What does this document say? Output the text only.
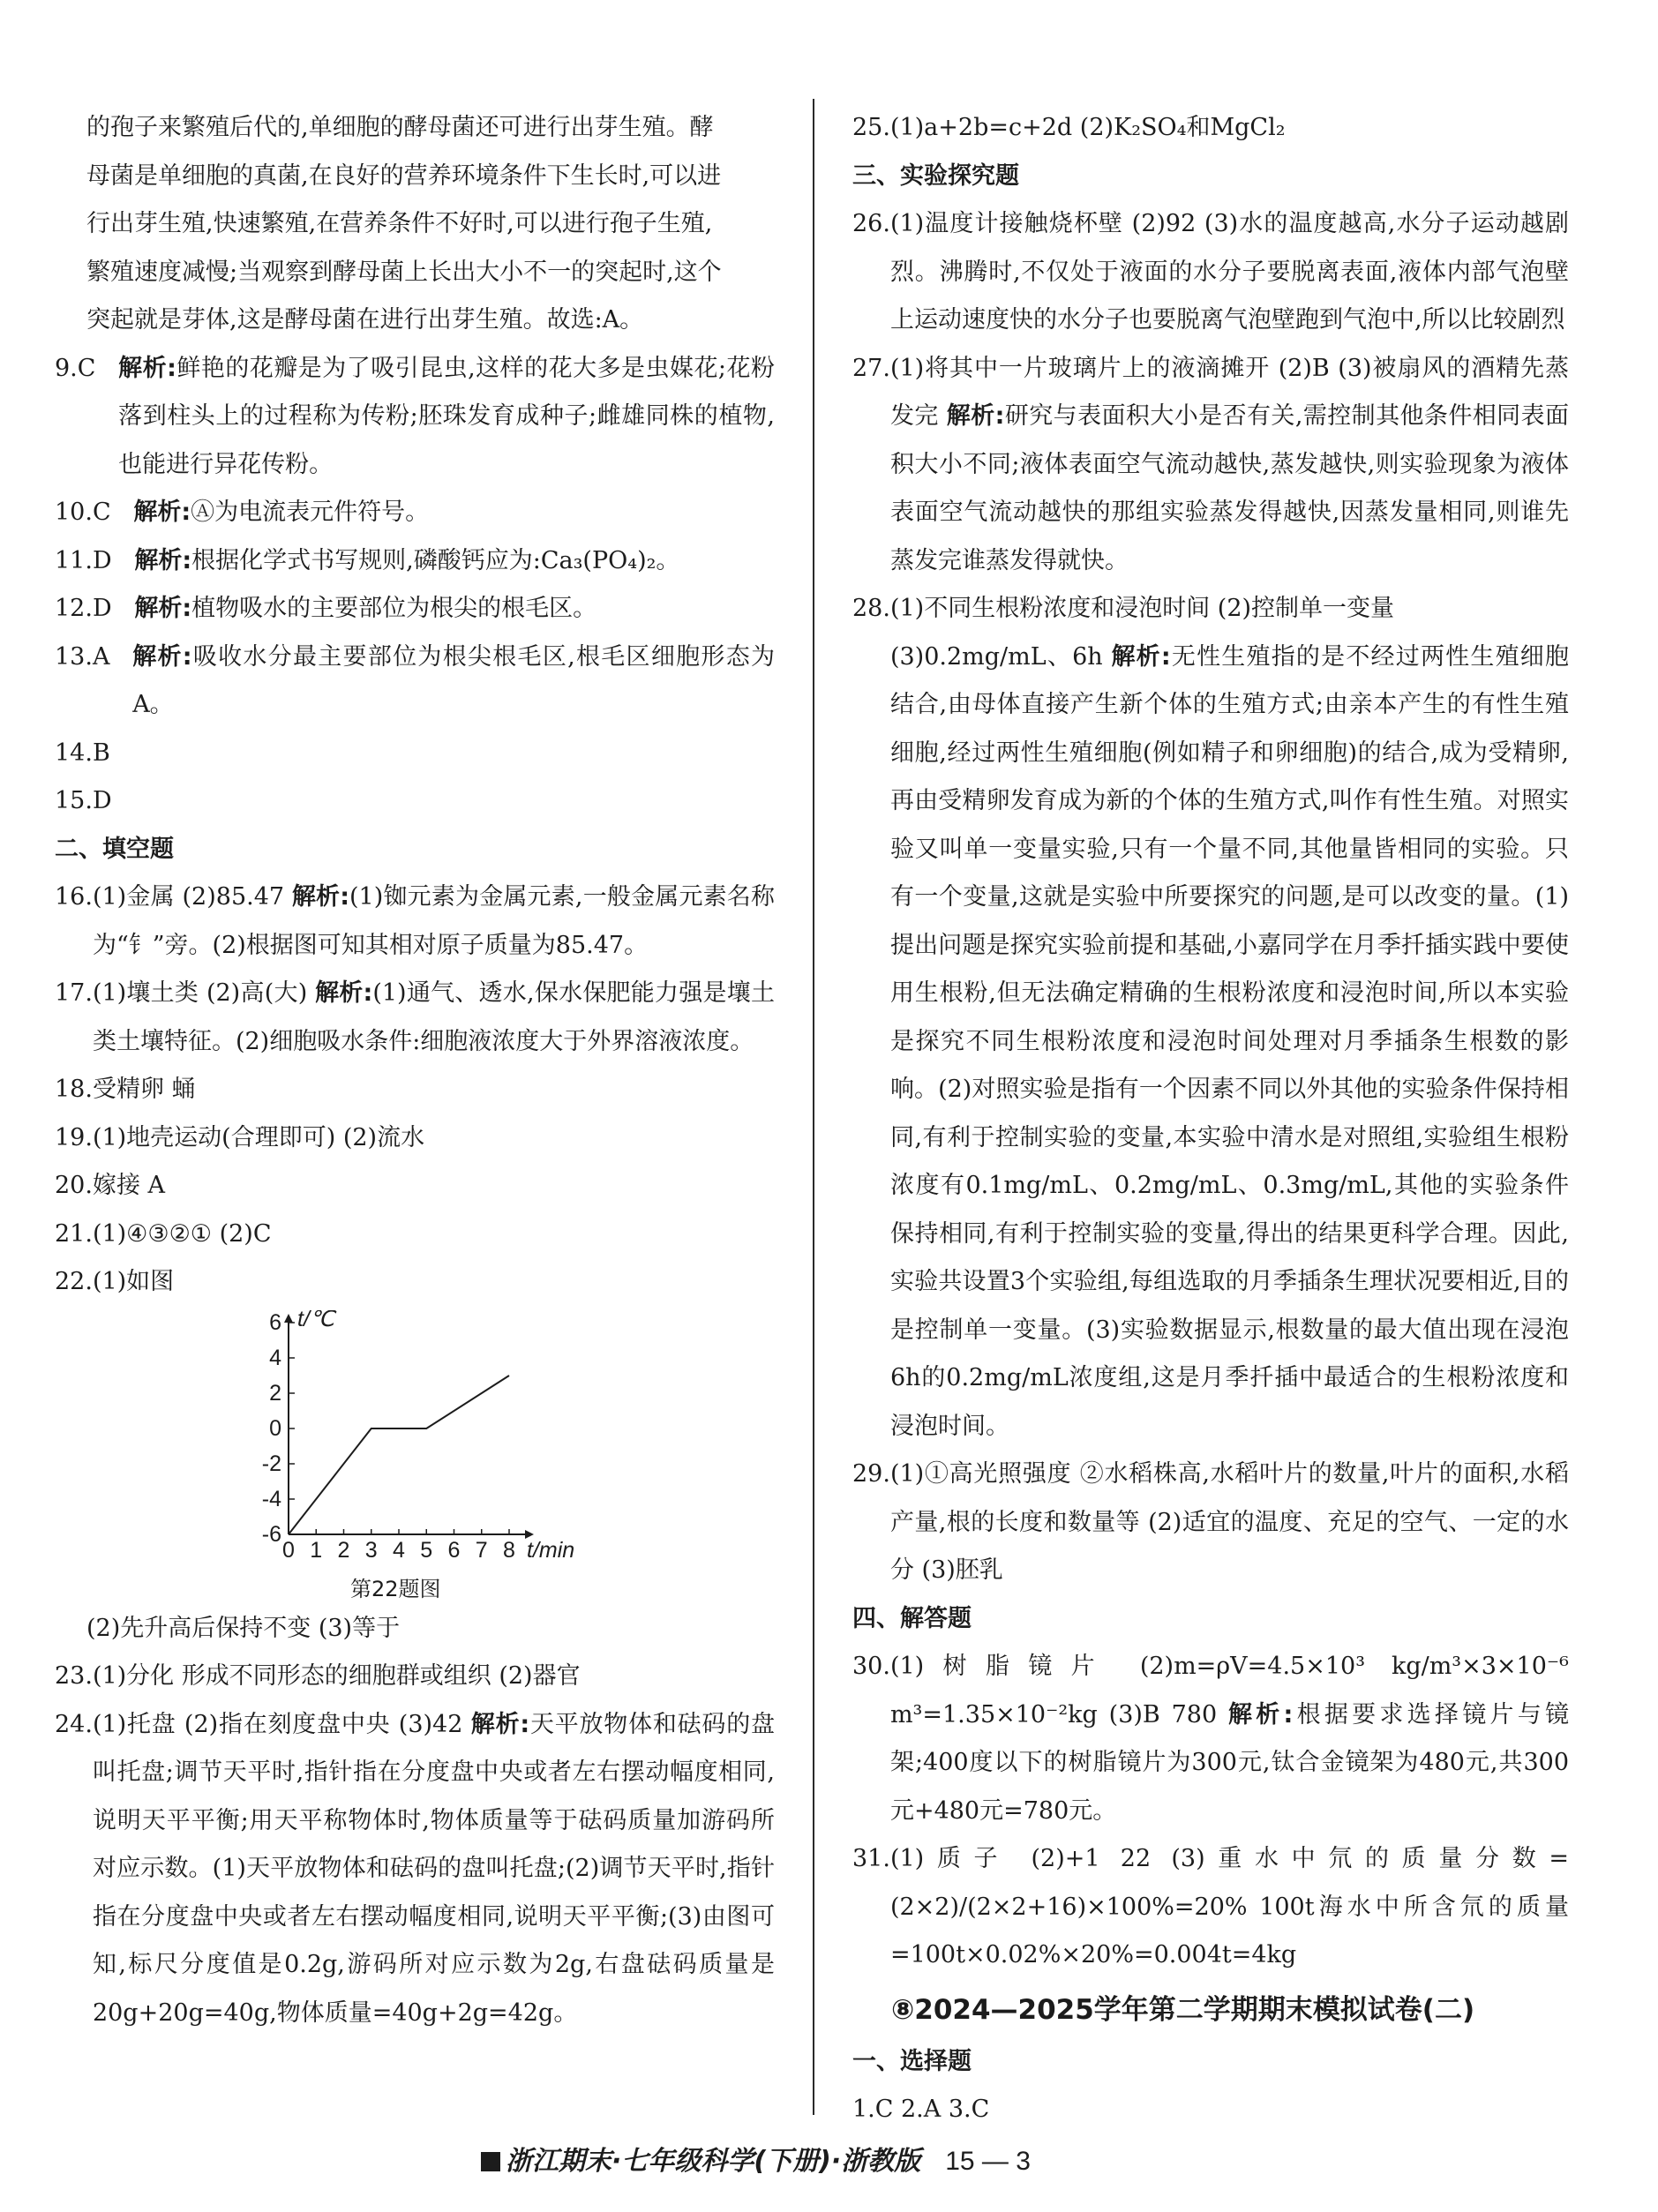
的孢子来繁殖后代的,单细胞的酵母菌还可进行出芽生殖。酵

母菌是单细胞的真菌,在良好的营养环境条件下生长时,可以进

行出芽生殖,快速繁殖,在营养条件不好时,可以进行孢子生殖,

繁殖速度减慢;当观察到酵母菌上长出大小不一的突起时,这个

突起就是芽体,这是酵母菌在进行出芽生殖。故选:A。

9.C 解析:鲜艳的花瓣是为了吸引昆虫,这样的花大多是虫媒花;花粉落到柱头上的过程称为传粉;胚珠发育成种子;雌雄同株的植物,也能进行异花传粉。
10.C 解析:Ⓐ为电流表元件符号。
11.D 解析:根据化学式书写规则,磷酸钙应为:Ca₃(PO₄)₂。
12.D 解析:植物吸水的主要部位为根尖的根毛区。
13.A 解析:吸收水分最主要部位为根尖根毛区,根毛区细胞形态为A。

14.B

15.D

二、填空题

16. (1)金属 (2)85.47 解析:(1)铷元素为金属元素,一般金属元素名称为“钅”旁。(2)根据图可知其相对原子质量为85.47。
17. (1)壤土类 (2)高(大) 解析:(1)通气、透水,保水保肥能力强是壤土类土壤特征。(2)细胞吸水条件:细胞液浓度大于外界溶液浓度。

18.受精卵 蛹

19.(1)地壳运动(合理即可) (2)流水

20.嫁接 A

21.(1)④③②① (2)C

22.(1)如图

6
4
2
0
-2
-4
-6
0 1 2 3 4 5 6 7 8
t/℃
t/min
第22题图

(2)先升高后保持不变 (3)等于

23.(1)分化 形成不同形态的细胞群或组织 (2)器官

24. (1)托盘 (2)指在刻度盘中央 (3)42 解析:天平放物体和砝码的盘叫托盘;调节天平时,指针指在分度盘中央或者左右摆动幅度相同,说明天平平衡;用天平称物体时,物体质量等于砝码质量加游码所对应示数。(1)天平放物体和砝码的盘叫托盘;(2)调节天平时,指针指在分度盘中央或者左右摆动幅度相同,说明天平平衡;(3)由图可知,标尺分度值是0.2g,游码所对应示数为2g,右盘砝码质量是20g+20g=40g,物体质量=40g+2g=42g。

25.(1)a+2b=c+2d (2)K₂SO₄和MgCl₂

三、实验探究题

26. (1)温度计接触烧杯壁 (2)92 (3)水的温度越高,水分子运动越剧烈。沸腾时,不仅处于液面的水分子要脱离表面,液体内部气泡壁上运动速度快的水分子也要脱离气泡壁跑到气泡中,所以比较剧烈
27. (1)将其中一片玻璃片上的液滴摊开 (2)B (3)被扇风的酒精先蒸发完 解析:研究与表面积大小是否有关,需控制其他条件相同表面积大小不同;液体表面空气流动越快,蒸发越快,则实验现象为液体表面空气流动越快的那组实验蒸发得越快,因蒸发量相同,则谁先蒸发完谁蒸发得就快。
28. (1)不同生根粉浓度和浸泡时间 (2)控制单一变量
(3)0.2mg/mL、6h 解析:无性生殖指的是不经过两性生殖细胞结合,由母体直接产生新个体的生殖方式;由亲本产生的有性生殖细胞,经过两性生殖细胞(例如精子和卵细胞)的结合,成为受精卵,再由受精卵发育成为新的个体的生殖方式,叫作有性生殖。对照实验又叫单一变量实验,只有一个量不同,其他量皆相同的实验。只有一个变量,这就是实验中所要探究的问题,是可以改变的量。(1)提出问题是探究实验前提和基础,小嘉同学在月季扦插实践中要使用生根粉,但无法确定精确的生根粉浓度和浸泡时间,所以本实验是探究不同生根粉浓度和浸泡时间处理对月季插条生根数的影响。(2)对照实验是指有一个因素不同以外其他的实验条件保持相同,有利于控制实验的变量,本实验中清水是对照组,实验组生根粉浓度有0.1mg/mL、0.2mg/mL、0.3mg/mL,其他的实验条件保持相同,有利于控制实验的变量,得出的结果更科学合理。因此,实验共设置3个实验组,每组选取的月季插条生理状况要相近,目的是控制单一变量。(3)实验数据显示,根数量的最大值出现在浸泡6h的0.2mg/mL浓度组,这是月季扦插中最适合的生根粉浓度和浸泡时间。
29. (1)①高光照强度 ②水稻株高,水稻叶片的数量,叶片的面积,水稻产量,根的长度和数量等 (2)适宜的温度、充足的空气、一定的水分 (3)胚乳

四、解答题

30. (1)树脂镜片 (2)m=ρV=4.5×10³ kg/m³×3×10⁻⁶ m³=1.35×10⁻²kg (3)B 780 解析:根据要求选择镜片与镜架;400度以下的树脂镜片为300元,钛合金镜架为480元,共300元+480元=780元。
31. (1)质子 (2)+1 22 (3)重水中氘的质量分数=(2×2)/(2×2+16)×100%=20% 100t海水中所含氘的质量=100t×0.02%×20%=0.004t=4kg

⑧2024—2025学年第二学期期末模拟试卷(二)

一、选择题

1.C 2.A 3.C

浙江期末·七年级科学(下册)·浙教版 15 — 3
